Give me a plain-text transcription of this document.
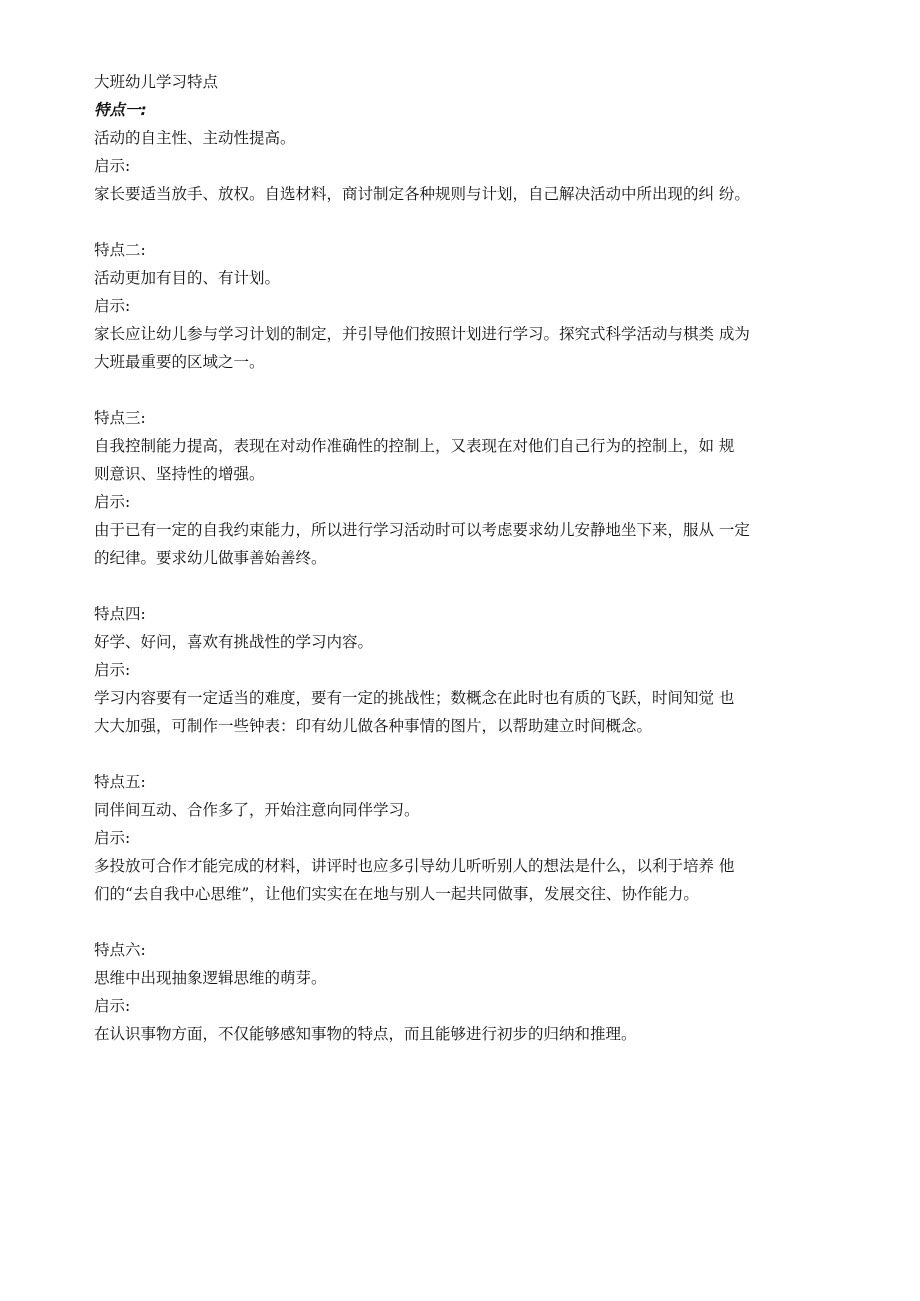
大班幼儿学习特点
特点一:
活动的自主性、主动性提高。
启示:
家长要适当放手、放权。自选材料，商讨制定各种规则与计划，自己解决活动中所出现的纠 纷。
特点二:
活动更加有目的、有计划。
启示:
家长应让幼儿参与学习计划的制定，并引导他们按照计划进行学习。探究式科学活动与棋类 成为
大班最重要的区域之一。
特点三:
自我控制能力提高，表现在对动作准确性的控制上，又表现在对他们自己行为的控制上，如 规
则意识、坚持性的增强。
启示:
由于已有一定的自我约束能力，所以进行学习活动时可以考虑要求幼儿安静地坐下来，服从 一定
的纪律。要求幼儿做事善始善终。
特点四:
好学、好问，喜欢有挑战性的学习内容。
启示:
学习内容要有一定适当的难度，要有一定的挑战性；数概念在此时也有质的飞跃，时间知觉 也
大大加强，可制作一些钟表：印有幼儿做各种事情的图片，以帮助建立时间概念。
特点五:
同伴间互动、合作多了，开始注意向同伴学习。
启示:
多投放可合作才能完成的材料，讲评时也应多引导幼儿听听别人的想法是什么，以利于培养 他
们的“去自我中心思维”，让他们实实在在地与别人一起共同做事，发展交往、协作能力。
特点六:
思维中出现抽象逻辑思维的萌芽。
启示:
在认识事物方面，不仅能够感知事物的特点，而且能够进行初步的归纳和推理。
